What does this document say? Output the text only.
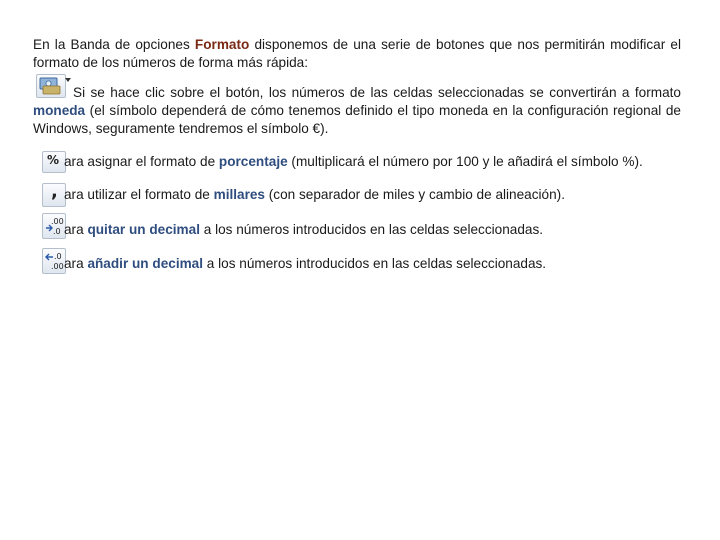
En la Banda de opciones Formato disponemos de una serie de botones que nos permitirán modificar el formato de los números de forma más rápida:
Si se hace clic sobre el botón, los números de las celdas seleccionadas se convertirán a formato moneda (el símbolo dependerá de cómo tenemos definido el tipo moneda en la configuración regional de Windows, seguramente tendremos el símbolo €).
% ara asignar el formato de porcentaje (multiplicará el número por 100 y le añadirá el símbolo %).
, ara utilizar el formato de millares (con separador de miles y cambio de alineación).
.00
.0 ara quitar un decimal a los números introducidos en las celdas seleccionadas.
.0
.00 ara añadir un decimal a los números introducidos en las celdas seleccionadas.
